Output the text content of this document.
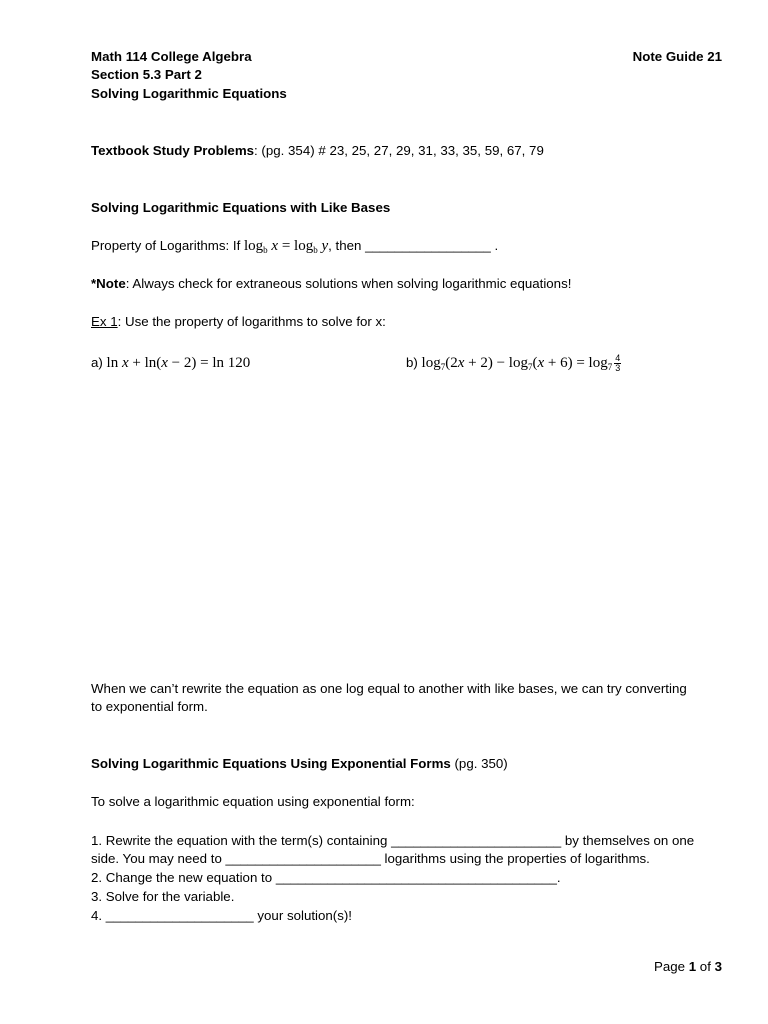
Math 114 College Algebra
Section 5.3 Part 2
Solving Logarithmic Equations
Note Guide 21
Textbook Study Problems: (pg. 354) # 23, 25, 27, 29, 31, 33, 35, 59, 67, 79
Solving Logarithmic Equations with Like Bases
Property of Logarithms: If $\log_b x = \log_b y$, then _________________ .
*Note: Always check for extraneous solutions when solving logarithmic equations!
Ex 1: Use the property of logarithms to solve for x:
a) ln x + ln(x − 2) = ln 120	b) $\log_7(2x + 2) - \log_7(x + 6) = \log_7 \frac{4}{3}$
When we can’t rewrite the equation as one log equal to another with like bases, we can try converting
to exponential form.
Solving Logarithmic Equations Using Exponential Forms (pg. 350)
To solve a logarithmic equation using exponential form:
1. Rewrite the equation with the term(s) containing _______________________ by themselves on one
side. You may need to _____________________ logarithms using the properties of logarithms.
2. Change the new equation to ______________________________________.
3. Solve for the variable.
4. ____________________ your solution(s)!
Page 1 of 3
